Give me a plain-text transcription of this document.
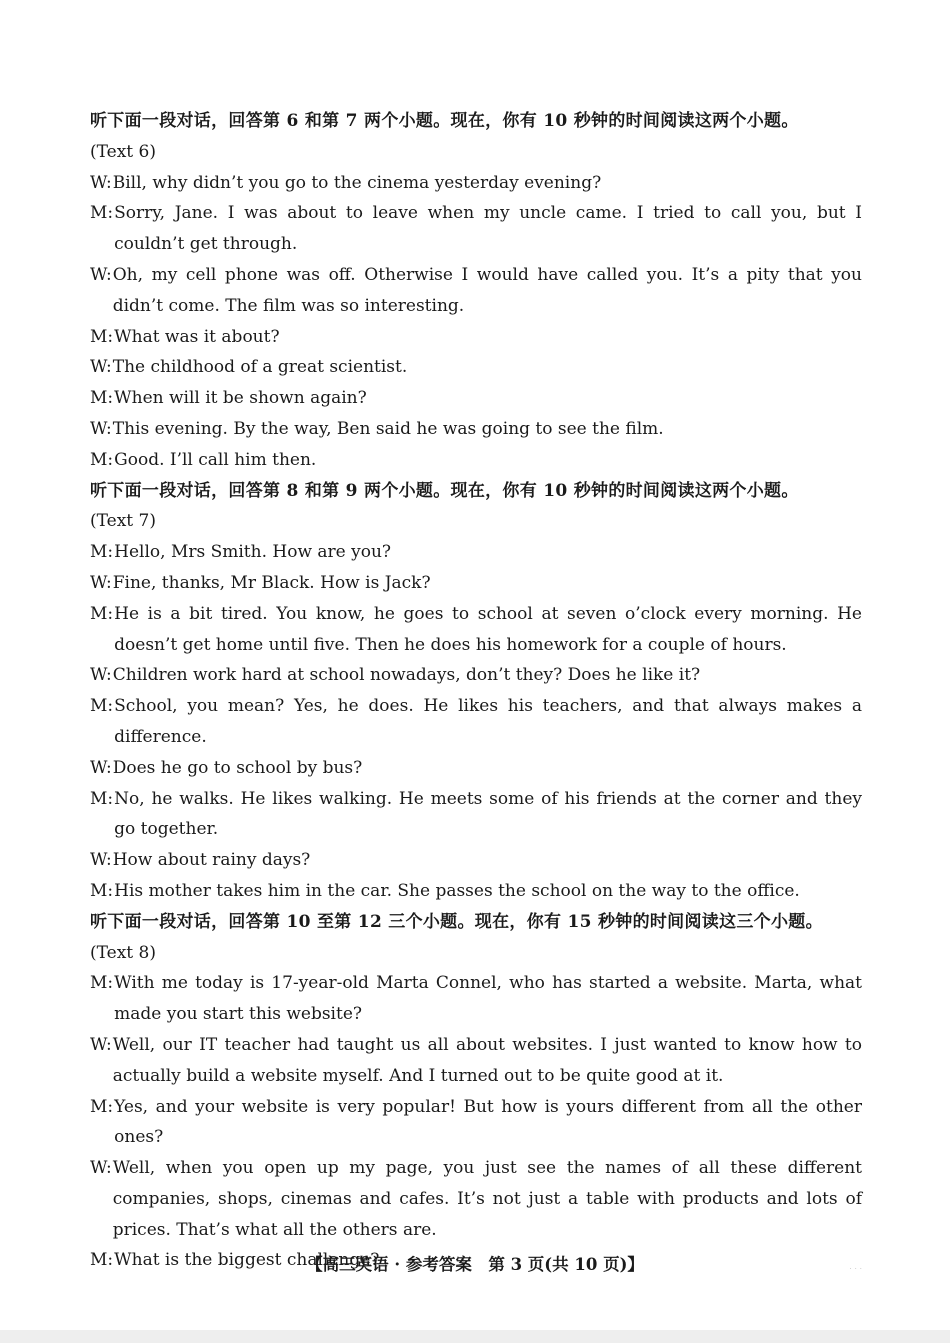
听下面一段对话，回答第 6 和第 7 两个小题。现在，你有 10 秒钟的时间阅读这两个小题。
(Text 6)
W: Bill, why didn’t you go to the cinema yesterday evening?
M: Sorry, Jane. I was about to leave when my uncle came. I tried to call you, but I couldn’t get through.
W: Oh, my cell phone was off. Otherwise I would have called you. It’s a pity that you didn’t come. The film was so interesting.
M: What was it about?
W: The childhood of a great scientist.
M: When will it be shown again?
W: This evening. By the way, Ben said he was going to see the film.
M: Good. I’ll call him then.
听下面一段对话，回答第 8 和第 9 两个小题。现在，你有 10 秒钟的时间阅读这两个小题。
(Text 7)
M: Hello, Mrs Smith. How are you?
W: Fine, thanks, Mr Black. How is Jack?
M: He is a bit tired. You know, he goes to school at seven o’clock every morning. He doesn’t get home until five. Then he does his homework for a couple of hours.
W: Children work hard at school nowadays, don’t they? Does he like it?
M: School, you mean? Yes, he does. He likes his teachers, and that always makes a difference.
W: Does he go to school by bus?
M: No, he walks. He likes walking. He meets some of his friends at the corner and they go together.
W: How about rainy days?
M: His mother takes him in the car. She passes the school on the way to the office.
听下面一段对话，回答第 10 至第 12 三个小题。现在，你有 15 秒钟的时间阅读这三个小题。
(Text 8)
M: With me today is 17-year-old Marta Connel, who has started a website. Marta, what made you start this website?
W: Well, our IT teacher had taught us all about websites. I just wanted to know how to actually build a website myself. And I turned out to be quite good at it.
M: Yes, and your website is very popular! But how is yours different from all the other ones?
W: Well, when you open up my page, you just see the names of all these different companies, shops, cinemas and cafes. It’s not just a table with products and lots of prices. That’s what all the others are.
M: What is the biggest challenge?
【高三英语 · 参考答案　第 3 页(共 10 页)】	. . .
